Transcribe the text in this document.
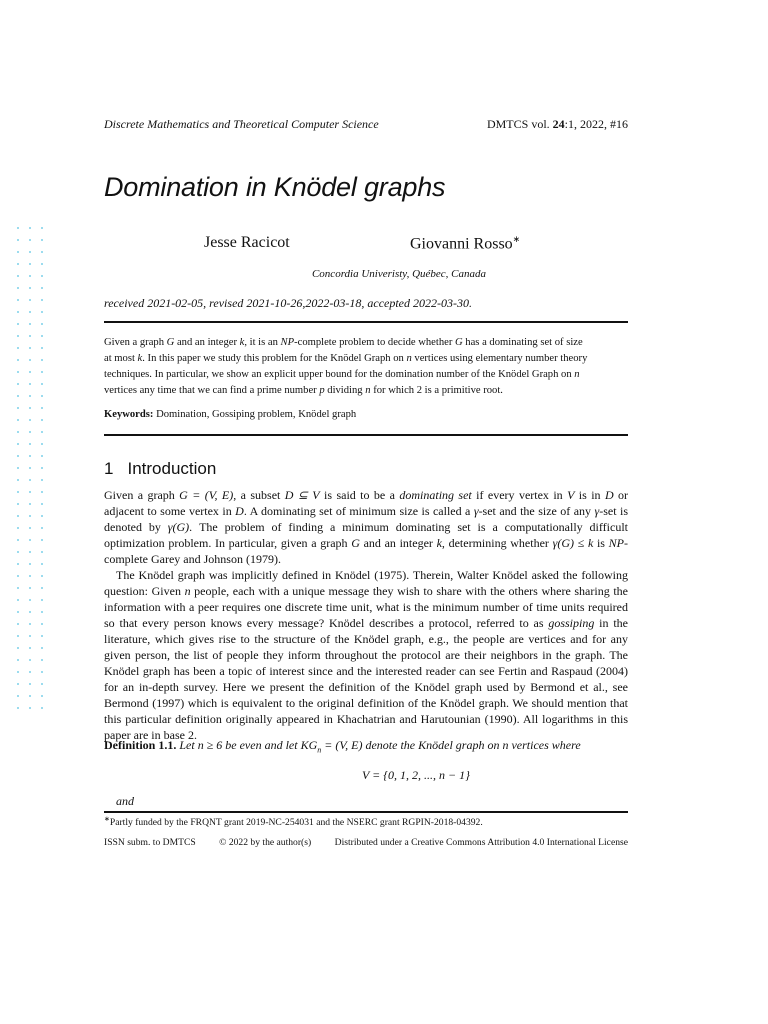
Discrete Mathematics and Theoretical Computer Science	DMTCS vol. 24:1, 2022, #16
Domination in Knödel graphs
Jesse Racicot	Giovanni Rosso∗
Concordia Univeristy, Québec, Canada
received 2021-02-05, revised 2021-10-26,2022-03-18, accepted 2022-03-30.
Given a graph G and an integer k, it is an NP-complete problem to decide whether G has a dominating set of size
at most k. In this paper we study this problem for the Knödel Graph on n vertices using elementary number theory
techniques. In particular, we show an explicit upper bound for the domination number of the Knödel Graph on n
vertices any time that we can find a prime number p dividing n for which 2 is a primitive root.
Keywords: Domination, Gossiping problem, Knödel graph
1 Introduction

Given a graph G = (V, E), a subset D ⊆ V is said to be a dominating set if every vertex in V is in D or adjacent to some vertex in D. A dominating set of minimum size is called a γ-set and the size of any γ-set is denoted by γ(G). The problem of finding a minimum dominating set is a computationally difficult optimization problem. In particular, given a graph G and an integer k, determining whether γ(G) ≤ k is NP-complete Garey and Johnson (1979).

The Knödel graph was implicitly defined in Knödel (1975). Therein, Walter Knödel asked the following question: Given n people, each with a unique message they wish to share with the others where sharing the information with a peer requires one discrete time unit, what is the minimum number of time units required so that every person knows every message? Knödel describes a protocol, referred to as gossiping in the literature, which gives rise to the structure of the Knödel graph, e.g., the people are vertices and for any given person, the list of people they inform throughout the protocol are their neighbors in the graph. The Knödel graph has been a topic of interest since and the interested reader can see Fertin and Raspaud (2004) for an in-depth survey. Here we present the definition of the Knödel graph used by Bermond et al., see Bermond (1997) which is equivalent to the original definition of the Knödel graph. We should mention that this particular definition originally appeared in Khachatrian and Harutounian (1990). All logarithms in this paper are in base 2.

Definition 1.1. Let n ≥ 6 be even and let $KG_n = (V$, E) denote the Knödel graph on n vertices where
V = {0, 1, 2, ..., n − 1}
and
∗Partly funded by the FRQNT grant 2019-NC-254031 and the NSERC grant RGPIN-2018-04392.
ISSN subm. to DMTCS © 2022 by the author(s) Distributed under a Creative Commons Attribution 4.0 International License
